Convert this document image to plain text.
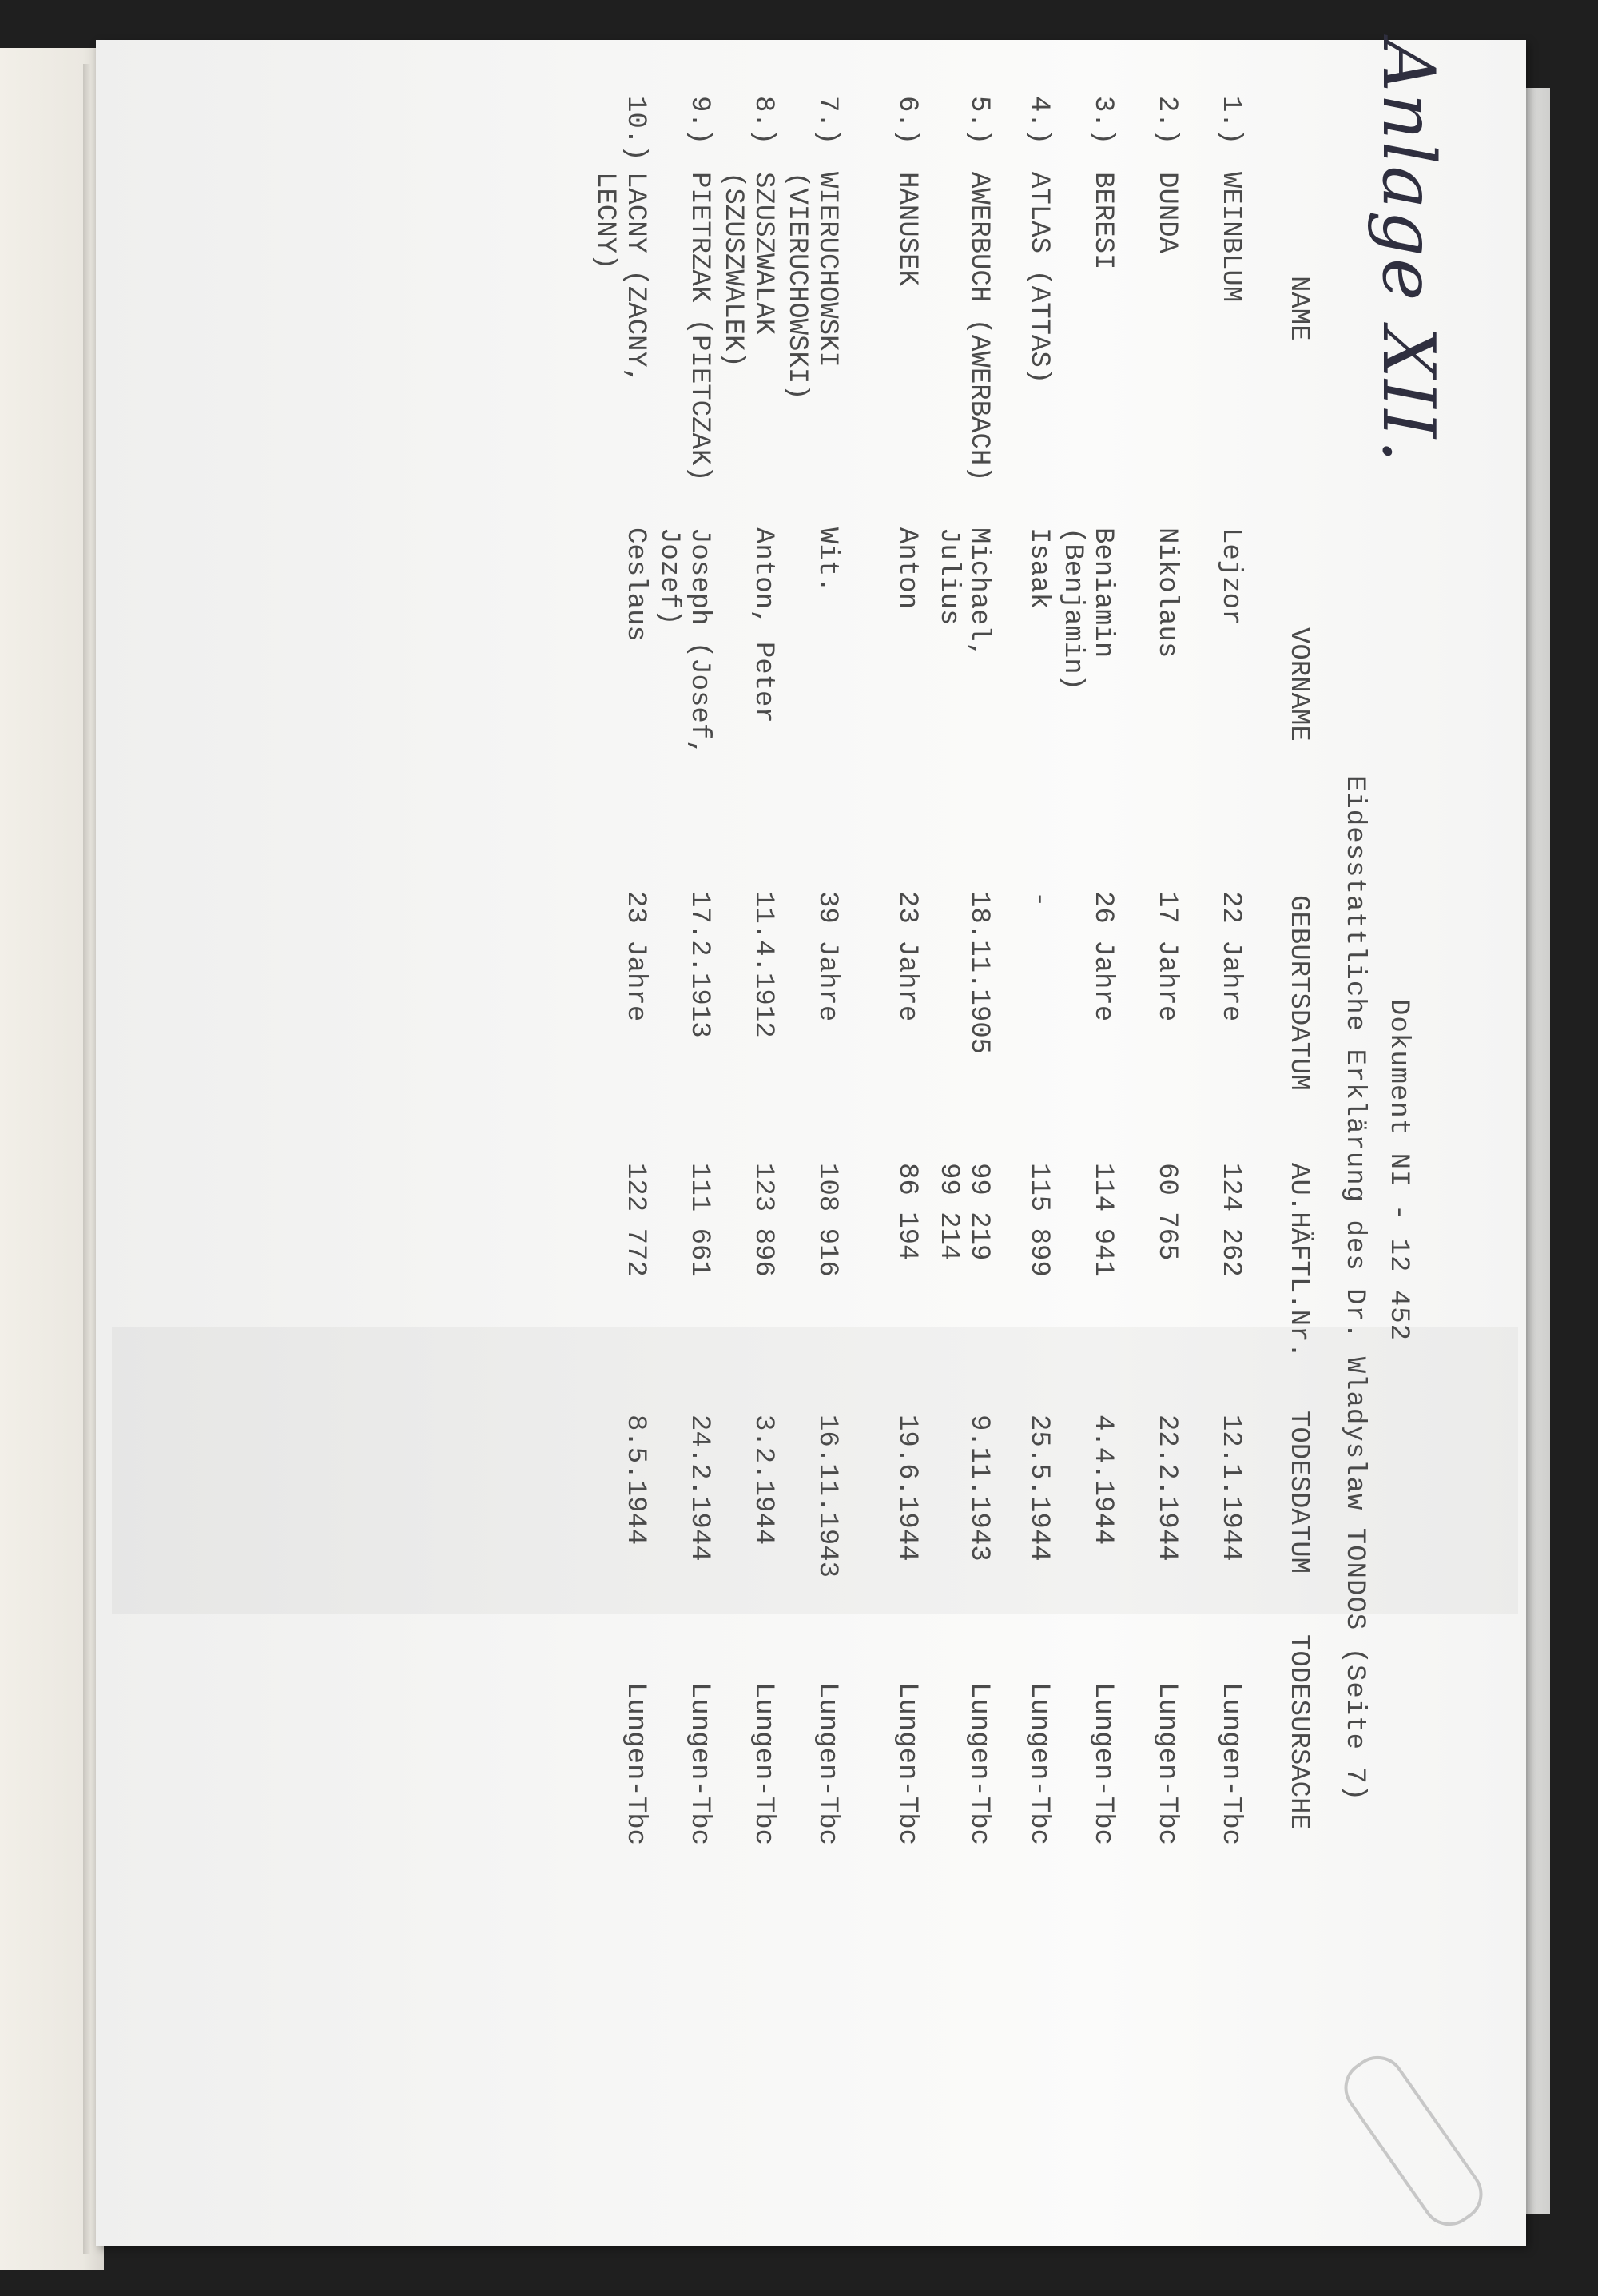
Dokument NI - 12 452
Eidesstattliche Erklärung des Dr. Wladyslaw TONDOS (Seite 7)
NAME
VORNAME
GEBURTSDATUM
AU.HÄFTL.Nr.
TODESDATUM
TODESURSACHE
1.)
WEINBLUM
Lejzor
22 Jahre
124 262
12.1.1944
Lungen-Tbc
2.)
DUNDA
Nikolaus
17 Jahre
60 765
22.2.1944
Lungen-Tbc
3.)
BERESI
Beniamin
(Benjamin)
26 Jahre
114 941
4.4.1944
Lungen-Tbc
4.)
ATLAS (ATTAS)
Isaak
-
115 899
25.5.1944
Lungen-Tbc
5.)
AWERBUCH (AWERBACH)
Michael,
Julius
18.11.1905
99 219
99 214
9.11.1943
Lungen-Tbc
6.)
HANUSEK
Anton
23 Jahre
86 194
19.6.1944
Lungen-Tbc
7.)
WIERUCHOWSKI
(VIERUCHOWSKI)
Wit.
39 Jahre
108 916
16.11.1943
Lungen-Tbc
8.)
SZUSZWALAK
(SZUSZWALEK)
Anton, Peter
11.4.1912
123 896
3.2.1944
Lungen-Tbc
9.)
PIETRZAK (PIETCZAK)
Joseph (Josef,
Jozef)
17.2.1913
111 661
24.2.1944
Lungen-Tbc
10.)
LACNY (ZACNY,
LECNY)
Ceslaus
23 Jahre
122 772
8.5.1944
Lungen-Tbc
Anlage XII.
